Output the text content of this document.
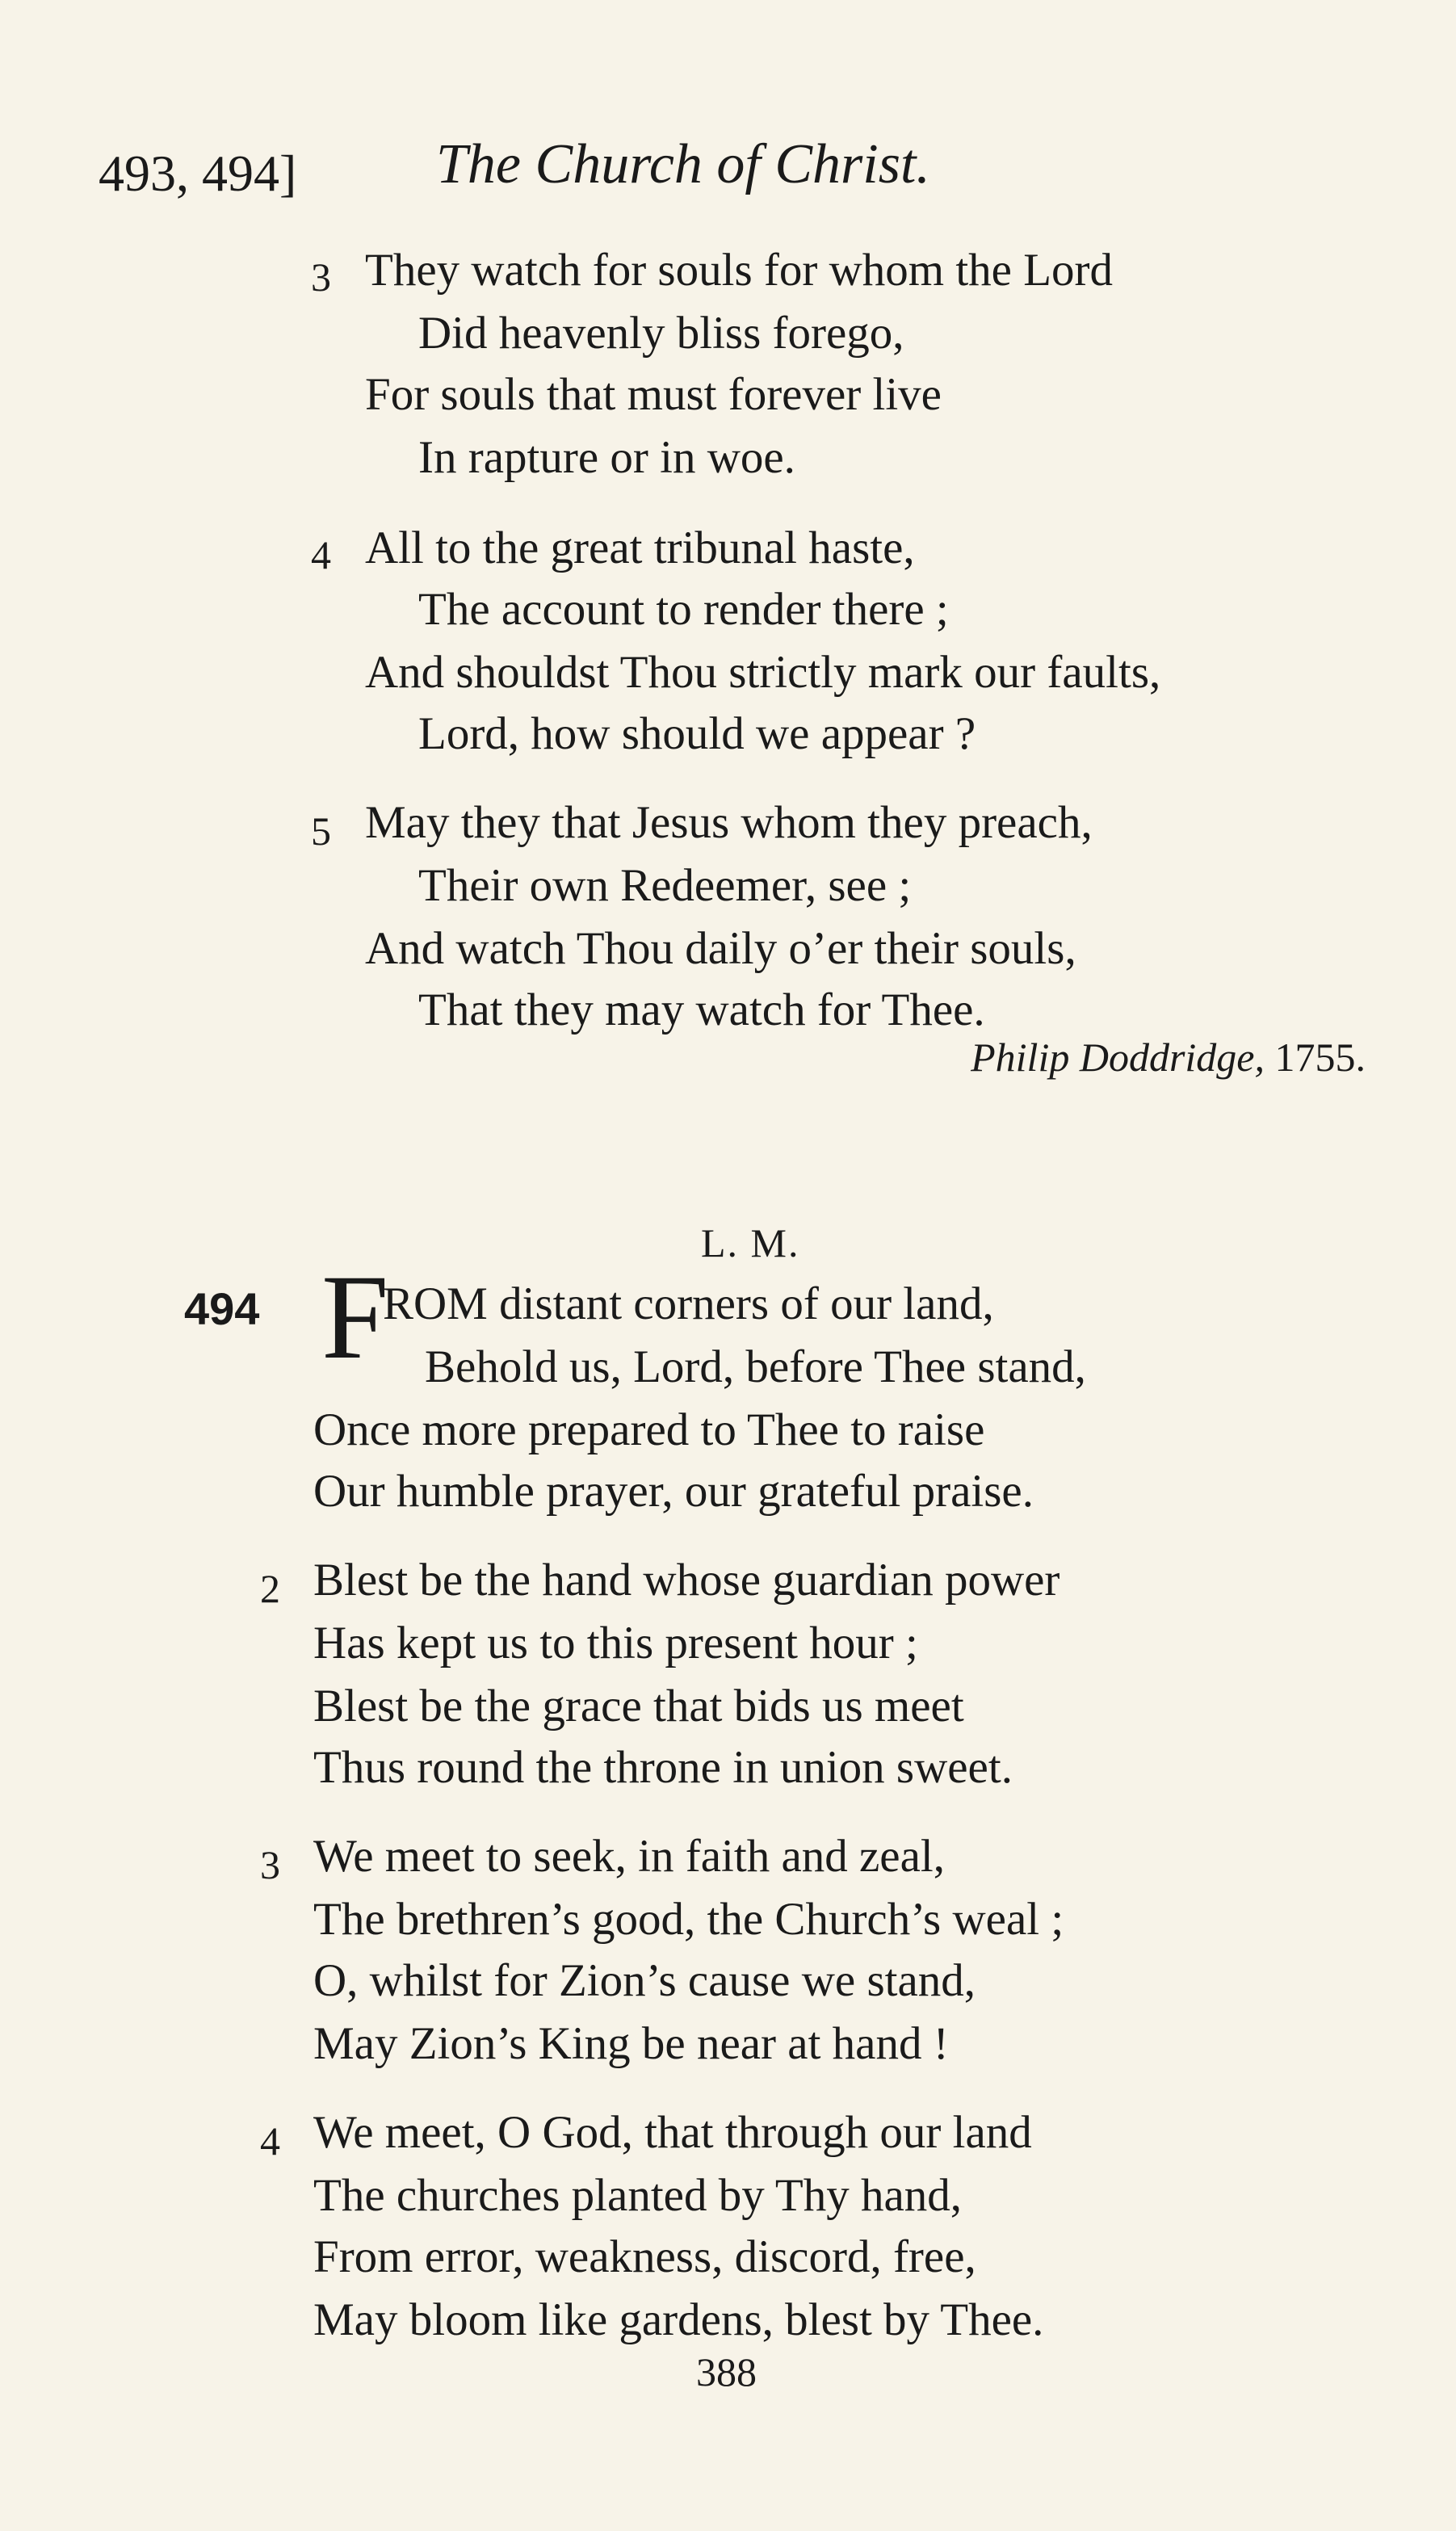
493, 494] The Church of Christ.
3 They watch for souls for whom the Lord
Did heavenly bliss forego,
For souls that must forever live
In rapture or in woe.
4 All to the great tribunal haste,
The account to render there ;
And shouldst Thou strictly mark our faults,
Lord, how should we appear ?
5 May they that Jesus whom they preach,
Their own Redeemer, see ;
And watch Thou daily o’er their souls,
That they may watch for Thee.
Philip Doddridge, 1755.
L. M.
494 F
ROM distant corners of our land,
Behold us, Lord, before Thee stand,
Once more prepared to Thee to raise
Our humble prayer, our grateful praise.
2 Blest be the hand whose guardian power
Has kept us to this present hour ;
Blest be the grace that bids us meet
Thus round the throne in union sweet.
3 We meet to seek, in faith and zeal,
The brethren’s good, the Church’s weal ;
O, whilst for Zion’s cause we stand,
May Zion’s King be near at hand !
4 We meet, O God, that through our land
The churches planted by Thy hand,
From error, weakness, discord, free,
May bloom like gardens, blest by Thee.
388
